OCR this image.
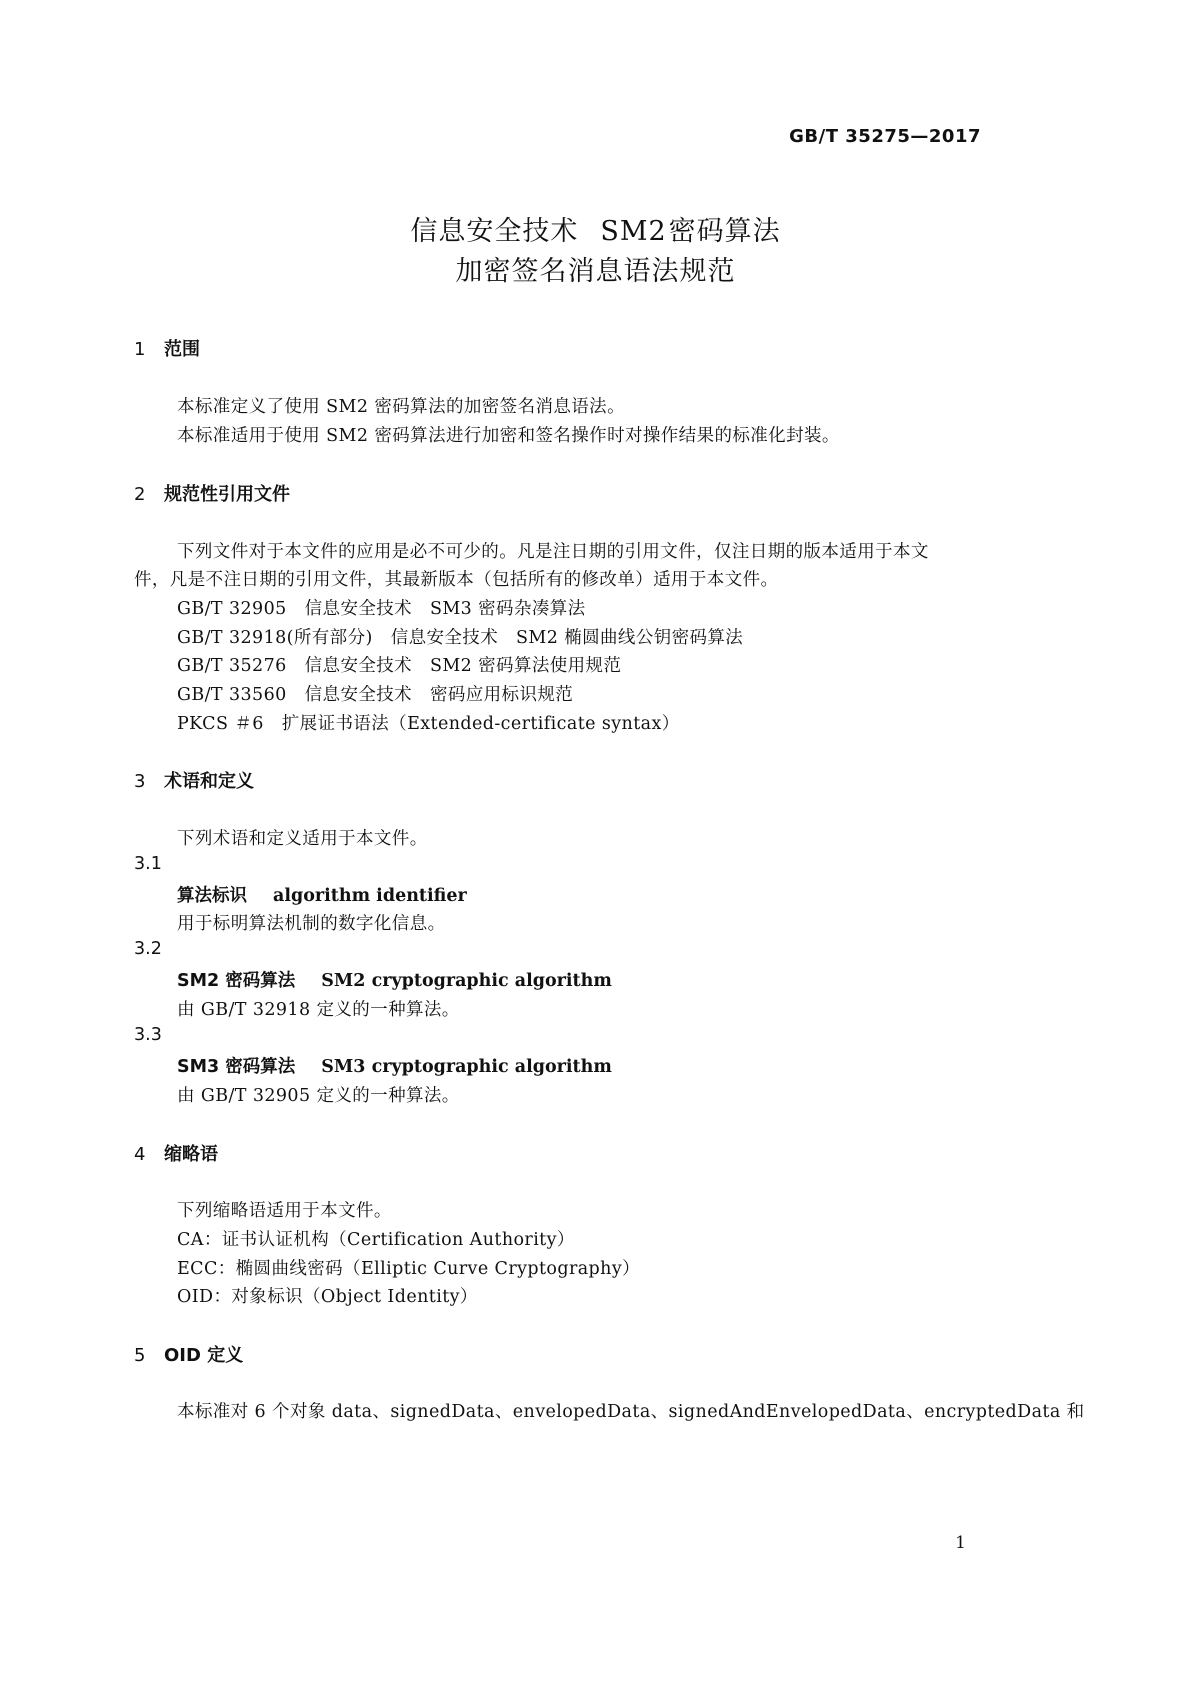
GB/T 35275—2017
信息安全技术 SM2密码算法
加密签名消息语法规范
1 范围
本标准定义了使用 SM2 密码算法的加密签名消息语法。
本标准适用于使用 SM2 密码算法进行加密和签名操作时对操作结果的标准化封装。
2 规范性引用文件
下列文件对于本文件的应用是必不可少的。凡是注日期的引用文件，仅注日期的版本适用于本文
件，凡是不注日期的引用文件，其最新版本（包括所有的修改单）适用于本文件。
GB/T 32905 信息安全技术　SM3 密码杂凑算法
GB/T 32918(所有部分) 信息安全技术　SM2 椭圆曲线公钥密码算法
GB/T 35276 信息安全技术　SM2 密码算法使用规范
GB/T 33560 信息安全技术　密码应用标识规范
PKCS ＃6 扩展证书语法（Extended-certificate syntax）
3 术语和定义
下列术语和定义适用于本文件。
3.1
算法标识 algorithm identifier
用于标明算法机制的数字化信息。
3.2
SM2 密码算法 SM2 cryptographic algorithm
由 GB/T 32918 定义的一种算法。
3.3
SM3 密码算法 SM3 cryptographic algorithm
由 GB/T 32905 定义的一种算法。
4 缩略语
下列缩略语适用于本文件。
CA：证书认证机构（Certification Authority）
ECC：椭圆曲线密码（Elliptic Curve Cryptography）
OID：对象标识（Object Identity）
5 OID 定义
本标准对 6 个对象 data、signedData、envelopedData、signedAndEnvelopedData、encryptedData 和
1
